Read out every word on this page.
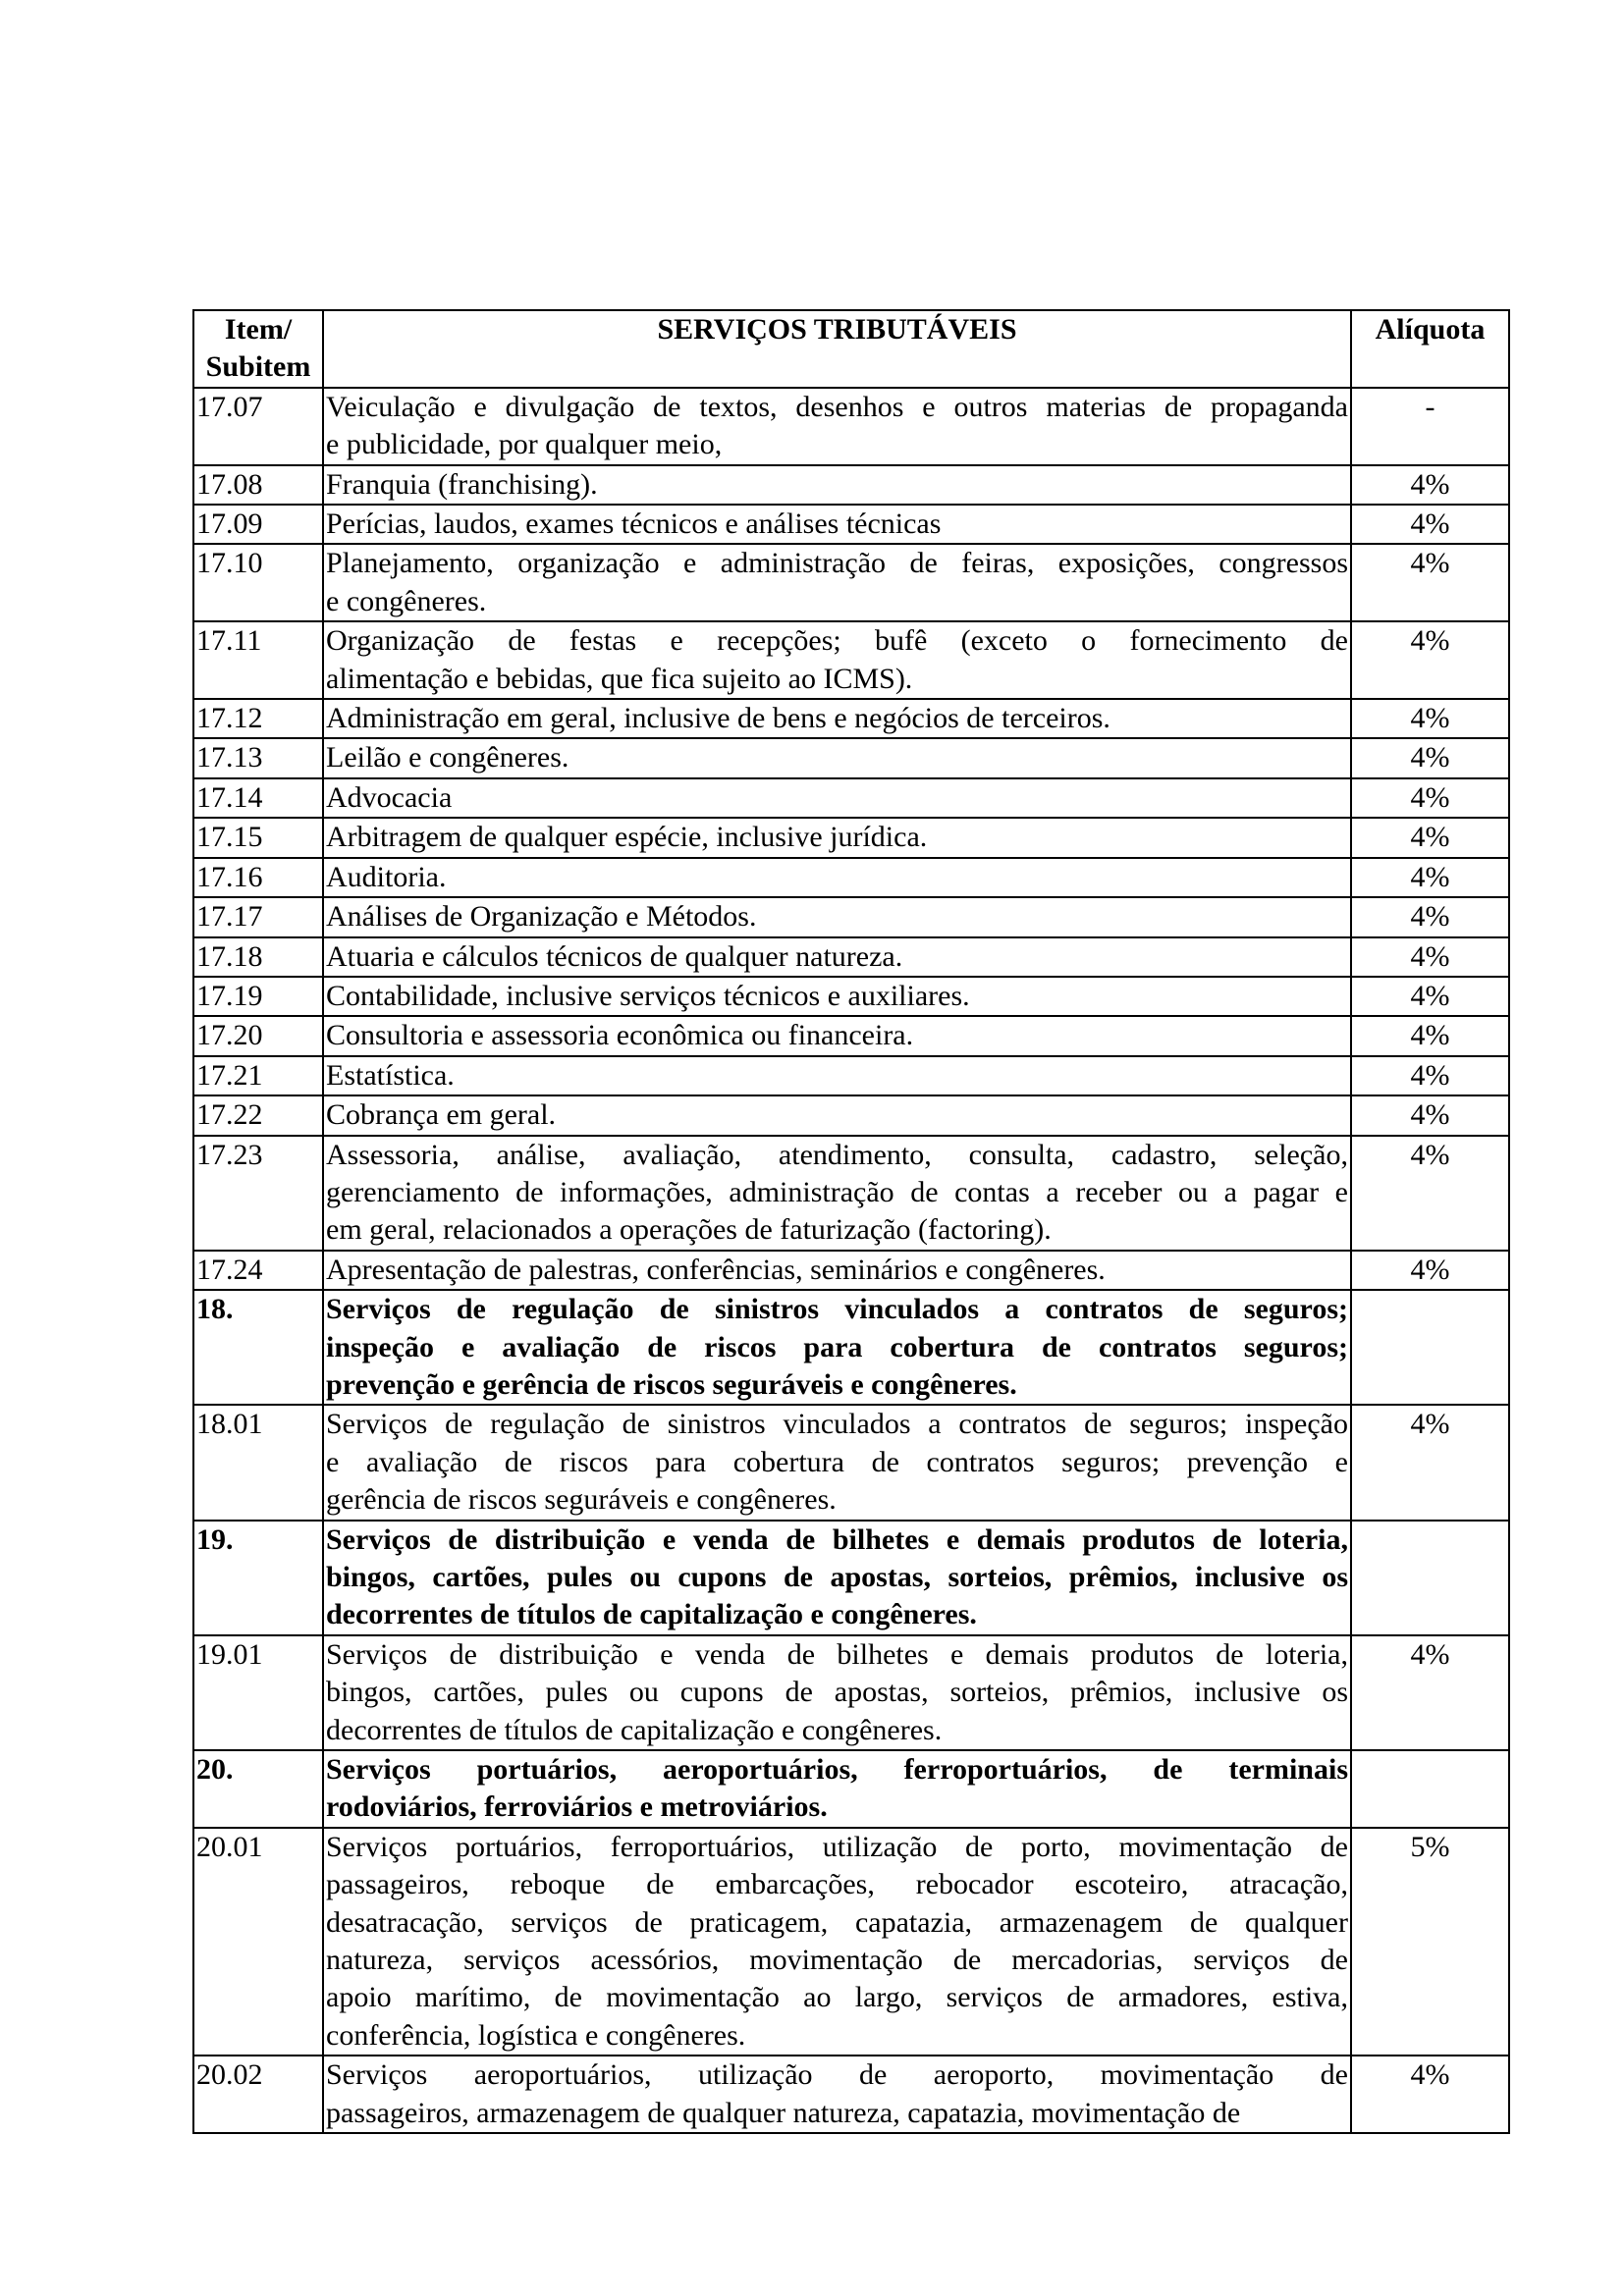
Item/
Subitem	SERVIÇOS TRIBUTÁVEIS	Alíquota
17.07	Veiculação e divulgação de textos, desenhos e outros materias de propaganda
e publicidade, por qualquer meio,	-
17.08	Franquia (franchising).	4%
17.09	Perícias, laudos, exames técnicos e análises técnicas	4%
17.10	Planejamento, organização e administração de feiras, exposições, congressos
e congêneres.	4%
17.11	Organização de festas e recepções; bufê (exceto o fornecimento de
alimentação e bebidas, que fica sujeito ao ICMS).	4%
17.12	Administração em geral, inclusive de bens e negócios de terceiros.	4%
17.13	Leilão e congêneres.	4%
17.14	Advocacia	4%
17.15	Arbitragem de qualquer espécie, inclusive jurídica.	4%
17.16	Auditoria.	4%
17.17	Análises de Organização e Métodos.	4%
17.18	Atuaria e cálculos técnicos de qualquer natureza.	4%
17.19	Contabilidade, inclusive serviços técnicos e auxiliares.	4%
17.20	Consultoria e assessoria econômica ou financeira.	4%
17.21	Estatística.	4%
17.22	Cobrança em geral.	4%
17.23	Assessoria, análise, avaliação, atendimento, consulta, cadastro, seleção,
gerenciamento de informações, administração de contas a receber ou a pagar e
em geral, relacionados a operações de faturização (factoring).	4%
17.24	Apresentação de palestras, conferências, seminários e congêneres.	4%
18.	Serviços de regulação de sinistros vinculados a contratos de seguros;
inspeção e avaliação de riscos para cobertura de contratos seguros;
prevenção e gerência de riscos seguráveis e congêneres.	

18.01	Serviços de regulação de sinistros vinculados a contratos de seguros; inspeção
e avaliação de riscos para cobertura de contratos seguros; prevenção e
gerência de riscos seguráveis e congêneres.	4%
19.	Serviços de distribuição e venda de bilhetes e demais produtos de loteria,
bingos, cartões, pules ou cupons de apostas, sorteios, prêmios, inclusive os
decorrentes de títulos de capitalização e congêneres.	

19.01	Serviços de distribuição e venda de bilhetes e demais produtos de loteria,
bingos, cartões, pules ou cupons de apostas, sorteios, prêmios, inclusive os
decorrentes de títulos de capitalização e congêneres.	4%
20.	Serviços portuários, aeroportuários, ferroportuários, de terminais
rodoviários, ferroviários e metroviários.	

20.01	Serviços portuários, ferroportuários, utilização de porto, movimentação de
passageiros, reboque de embarcações, rebocador escoteiro, atracação,
desatracação, serviços de praticagem, capatazia, armazenagem de qualquer
natureza, serviços acessórios, movimentação de mercadorias, serviços de
apoio marítimo, de movimentação ao largo, serviços de armadores, estiva,
conferência, logística e congêneres.
	5%
20.02	Serviços aeroportuários, utilização de aeroporto, movimentação de
passageiros, armazenagem de qualquer natureza, capatazia, movimentação de	4%
